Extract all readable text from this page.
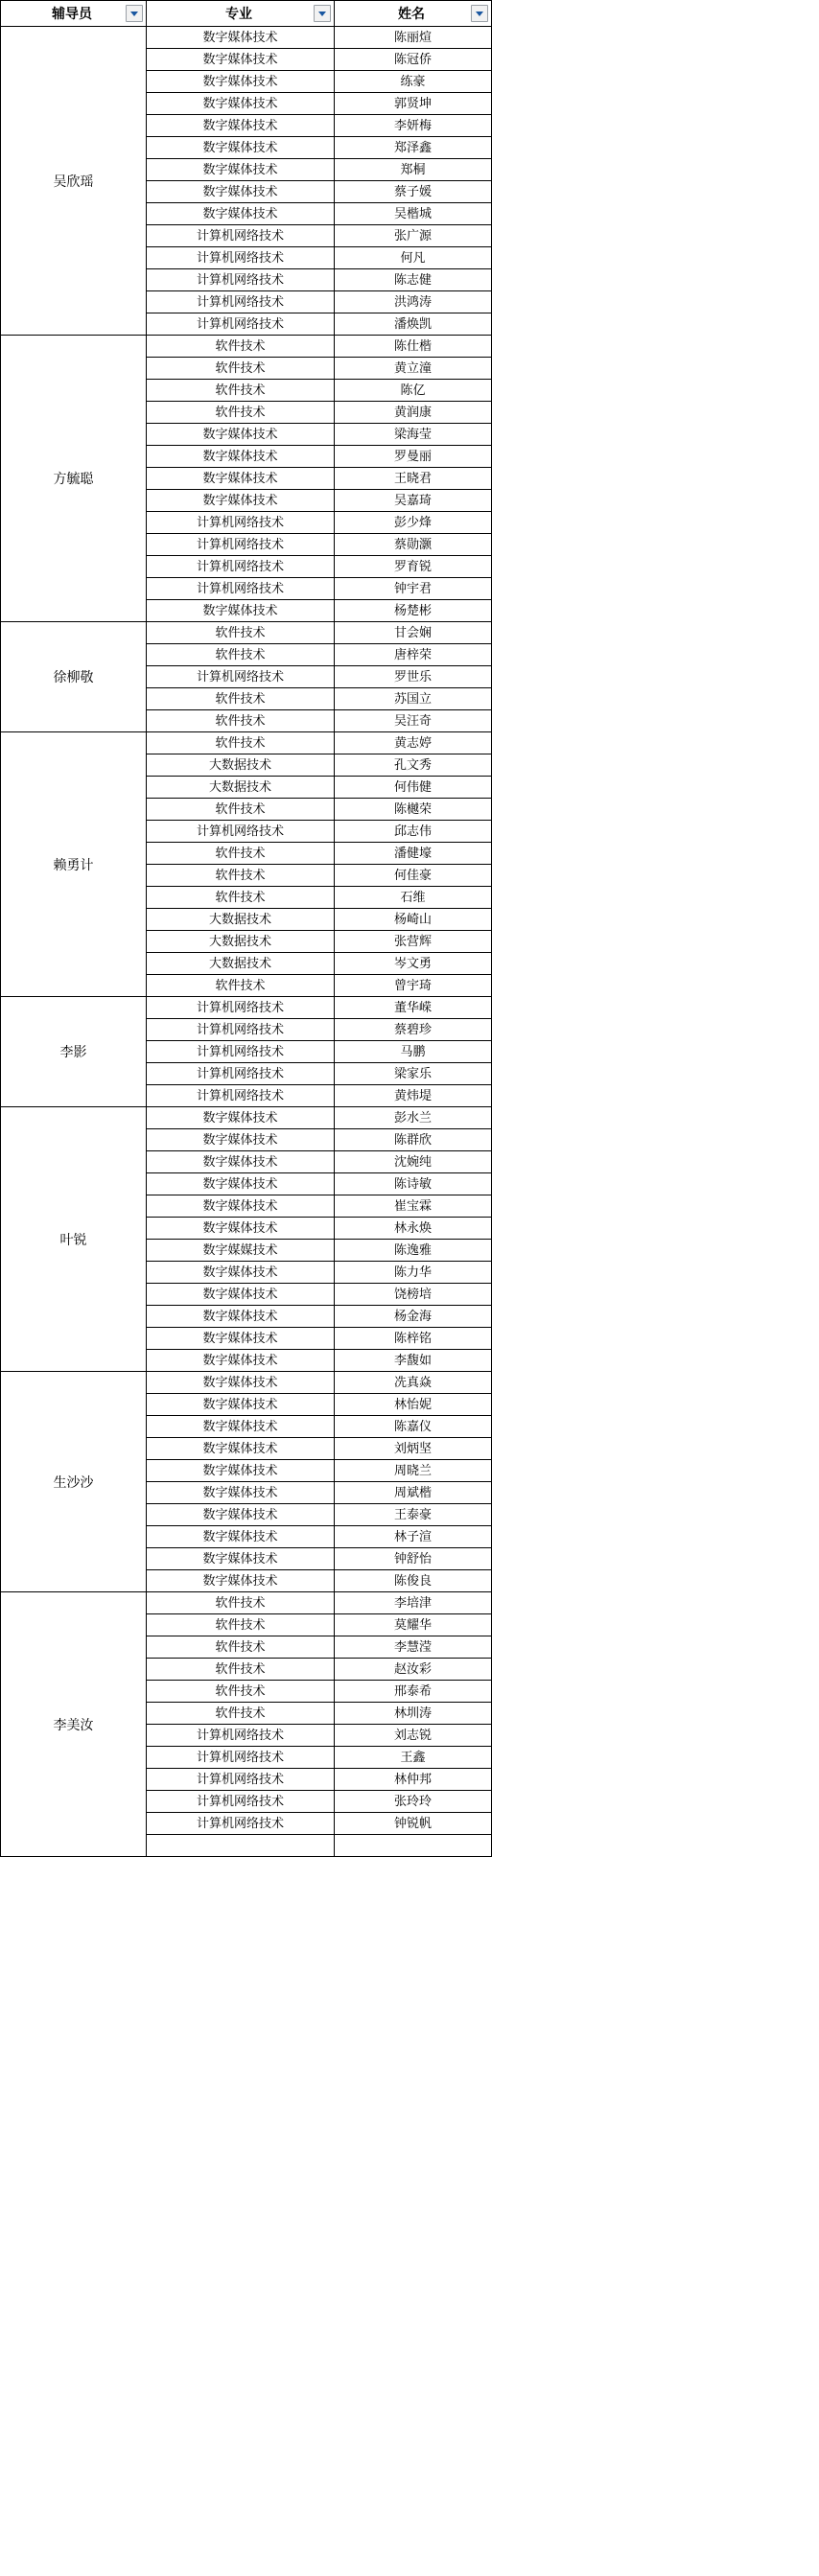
辅导员	专业	姓名

吴欣瑶	数字媒体技术	陈丽煊
	数字媒体技术	陈冠侨
	数字媒体技术	练豪
	数字媒体技术	郭贤坤
	数字媒体技术	李妍梅
	数字媒体技术	郑泽鑫
	数字媒体技术	郑桐
	数字媒体技术	蔡子媛
	数字媒体技术	吴楷城
	计算机网络技术	张广源
	计算机网络技术	何凡
	计算机网络技术	陈志健
	计算机网络技术	洪鸿涛
	计算机网络技术	潘焕凯
方毓聪	软件技术	陈仕楷
	软件技术	黄立潼
	软件技术	陈亿
	软件技术	黄润康
	数字媒体技术	梁海莹
	数字媒体技术	罗曼丽
	数字媒体技术	王晓君
	数字媒体技术	吴嘉琦
	计算机网络技术	彭少烽
	计算机网络技术	蔡勋灏
	计算机网络技术	罗育锐
	计算机网络技术	钟宇君
	数字媒体技术	杨楚彬
徐柳敬	软件技术	甘会娴
	软件技术	唐梓荣
	计算机网络技术	罗世乐
	软件技术	苏国立
	软件技术	吴汪奇
赖勇计	软件技术	黄志婷
	大数据技术	孔文秀
	大数据技术	何伟健
	软件技术	陈樾荣
	计算机网络技术	邱志伟
	软件技术	潘健壕
	软件技术	何佳豪
	软件技术	石维
	大数据技术	杨崎山
	大数据技术	张营辉
	大数据技术	岑文勇
	软件技术	曾宇琦
李影	计算机网络技术	董华嵘
	计算机网络技术	蔡碧珍
	计算机网络技术	马鹏
	计算机网络技术	梁家乐
	计算机网络技术	黄炜堤
叶锐	数字媒体技术	彭水兰
	数字媒体技术	陈群欣
	数字媒体技术	沈婉纯
	数字媒体技术	陈诗敏
	数字媒体技术	崔宝霖
	数字媒体技术	林永焕
	数字媒媒技术	陈逸雅
	数字媒体技术	陈力华
	数字媒体技术	饶榜培
	数字媒体技术	杨金海
	数字媒体技术	陈梓铭
	数字媒体技术	李馥如
生沙沙	数字媒体技术	冼真焱
	数字媒体技术	林怡妮
	数字媒体技术	陈嘉仪
	数字媒体技术	刘炳坚
	数字媒体技术	周晓兰
	数字媒体技术	周斌楷
	数字媒体技术	王泰豪
	数字媒体技术	林子渲
	数字媒体技术	钟舒怡
	数字媒体技术	陈俊良
李美汝	软件技术	李培津
	软件技术	莫耀华
	软件技术	李慧滢
	软件技术	赵汝彩
	软件技术	邢泰希
	软件技术	林圳涛
	计算机网络技术	刘志锐
	计算机网络技术	王鑫
	计算机网络技术	林仲邦
	计算机网络技术	张玲玲
	计算机网络技术	钟锐帆
